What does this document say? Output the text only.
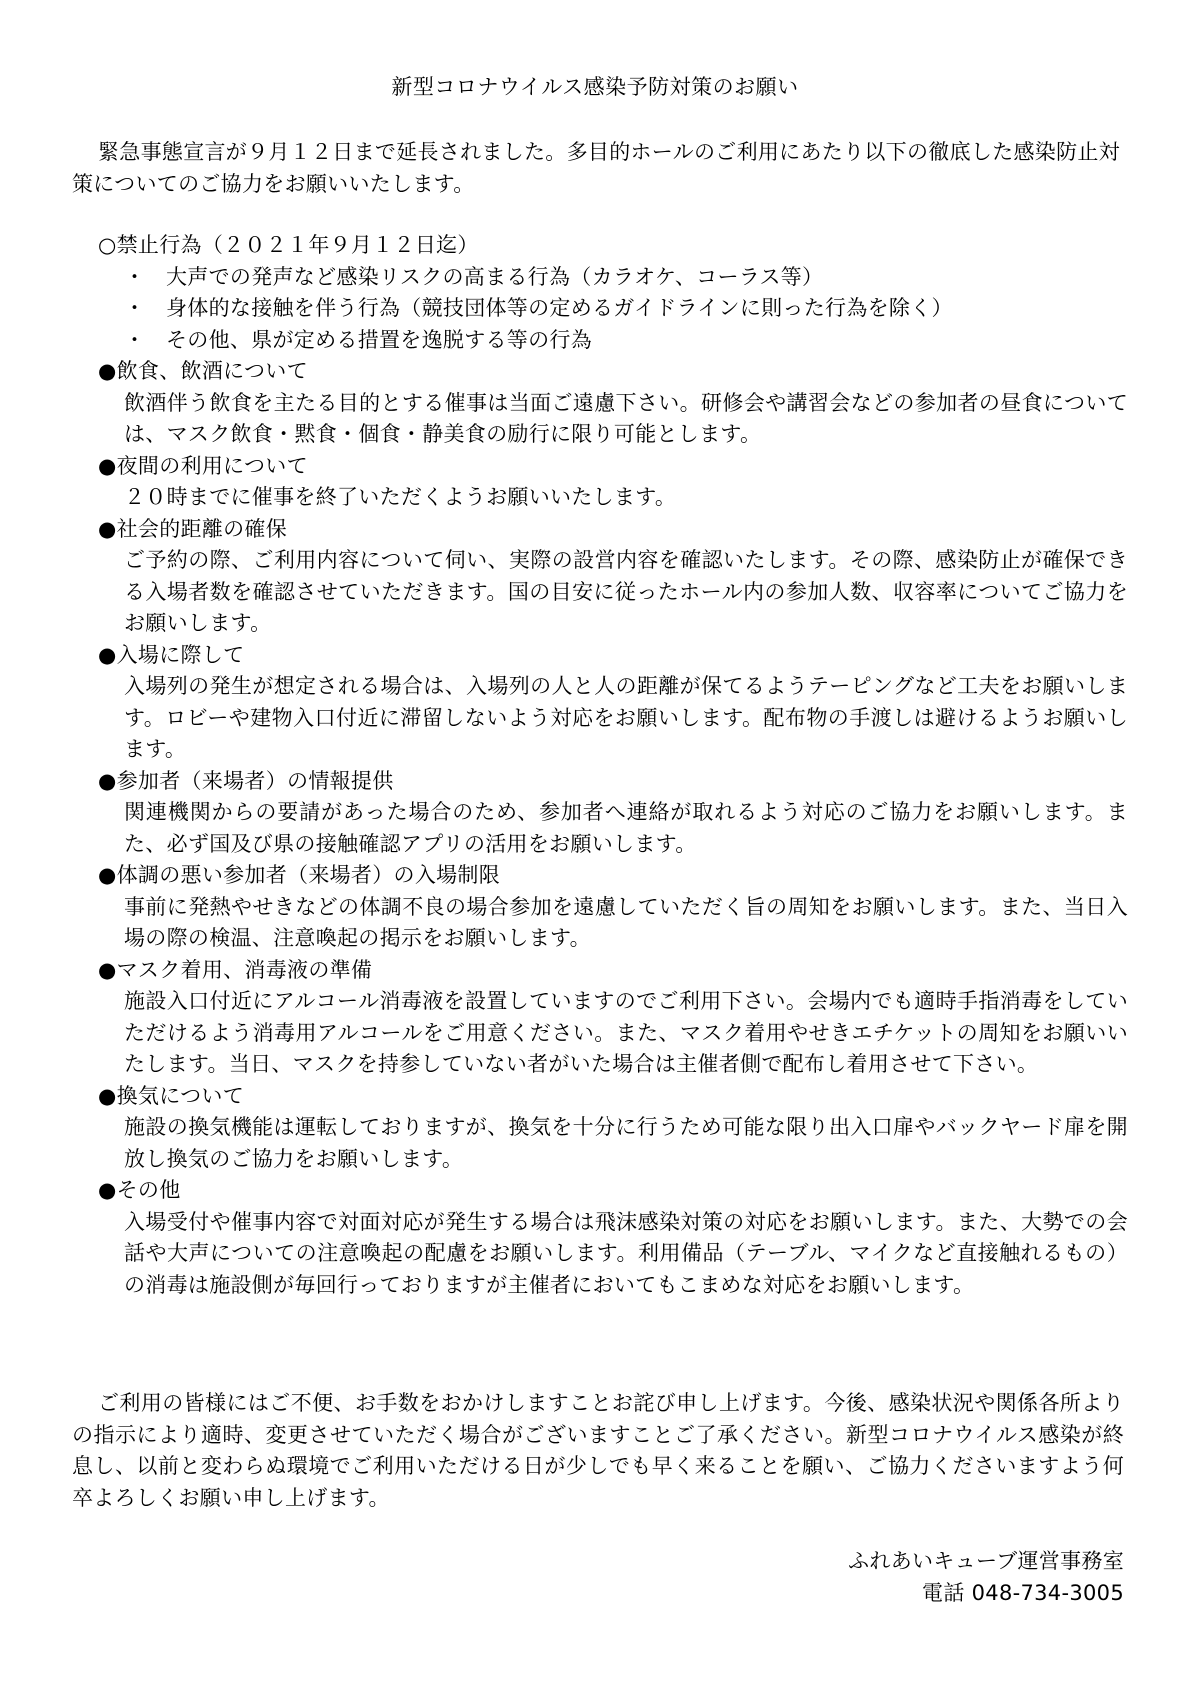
新型コロナウイルス感染予防対策のお願い
緊急事態宣言が９月１２日まで延長されました。多目的ホールのご利用にあたり以下の徹底した感染防止対策についてのご協力をお願いいたします。
○禁止行為（２０２１年９月１２日迄）
・ 大声での発声など感染リスクの高まる行為（カラオケ、コーラス等）
・ 身体的な接触を伴う行為（競技団体等の定めるガイドラインに則った行為を除く）
・ その他、県が定める措置を逸脱する等の行為
●飲食、飲酒について
飲酒伴う飲食を主たる目的とする催事は当面ご遠慮下さい。研修会や講習会などの参加者の昼食については、マスク飲食・黙食・個食・静美食の励行に限り可能とします。
●夜間の利用について
２０時までに催事を終了いただくようお願いいたします。
●社会的距離の確保
ご予約の際、ご利用内容について伺い、実際の設営内容を確認いたします。その際、感染防止が確保できる入場者数を確認させていただきます。国の目安に従ったホール内の参加人数、収容率についてご協力をお願いします。
●入場に際して
入場列の発生が想定される場合は、入場列の人と人の距離が保てるようテーピングなど工夫をお願いします。ロビーや建物入口付近に滞留しないよう対応をお願いします。配布物の手渡しは避けるようお願いします。
●参加者（来場者）の情報提供
関連機関からの要請があった場合のため、参加者へ連絡が取れるよう対応のご協力をお願いします。また、必ず国及び県の接触確認アプリの活用をお願いします。
●体調の悪い参加者（来場者）の入場制限
事前に発熱やせきなどの体調不良の場合参加を遠慮していただく旨の周知をお願いします。また、当日入場の際の検温、注意喚起の掲示をお願いします。
●マスク着用、消毒液の準備
施設入口付近にアルコール消毒液を設置していますのでご利用下さい。会場内でも適時手指消毒をしていただけるよう消毒用アルコールをご用意ください。また、マスク着用やせきエチケットの周知をお願いいたします。当日、マスクを持参していない者がいた場合は主催者側で配布し着用させて下さい。
●換気について
施設の換気機能は運転しておりますが、換気を十分に行うため可能な限り出入口扉やバックヤード扉を開放し換気のご協力をお願いします。
●その他
入場受付や催事内容で対面対応が発生する場合は飛沫感染対策の対応をお願いします。また、大勢での会話や大声についての注意喚起の配慮をお願いします。利用備品（テーブル、マイクなど直接触れるもの）の消毒は施設側が毎回行っておりますが主催者においてもこまめな対応をお願いします。
ご利用の皆様にはご不便、お手数をおかけしますことお詫び申し上げます。今後、感染状況や関係各所よりの指示により適時、変更させていただく場合がございますことご了承ください。新型コロナウイルス感染が終息し、以前と変わらぬ環境でご利用いただける日が少しでも早く来ることを願い、ご協力くださいますよう何卒よろしくお願い申し上げます。
ふれあいキューブ運営事務室
電話 048-734-3005
